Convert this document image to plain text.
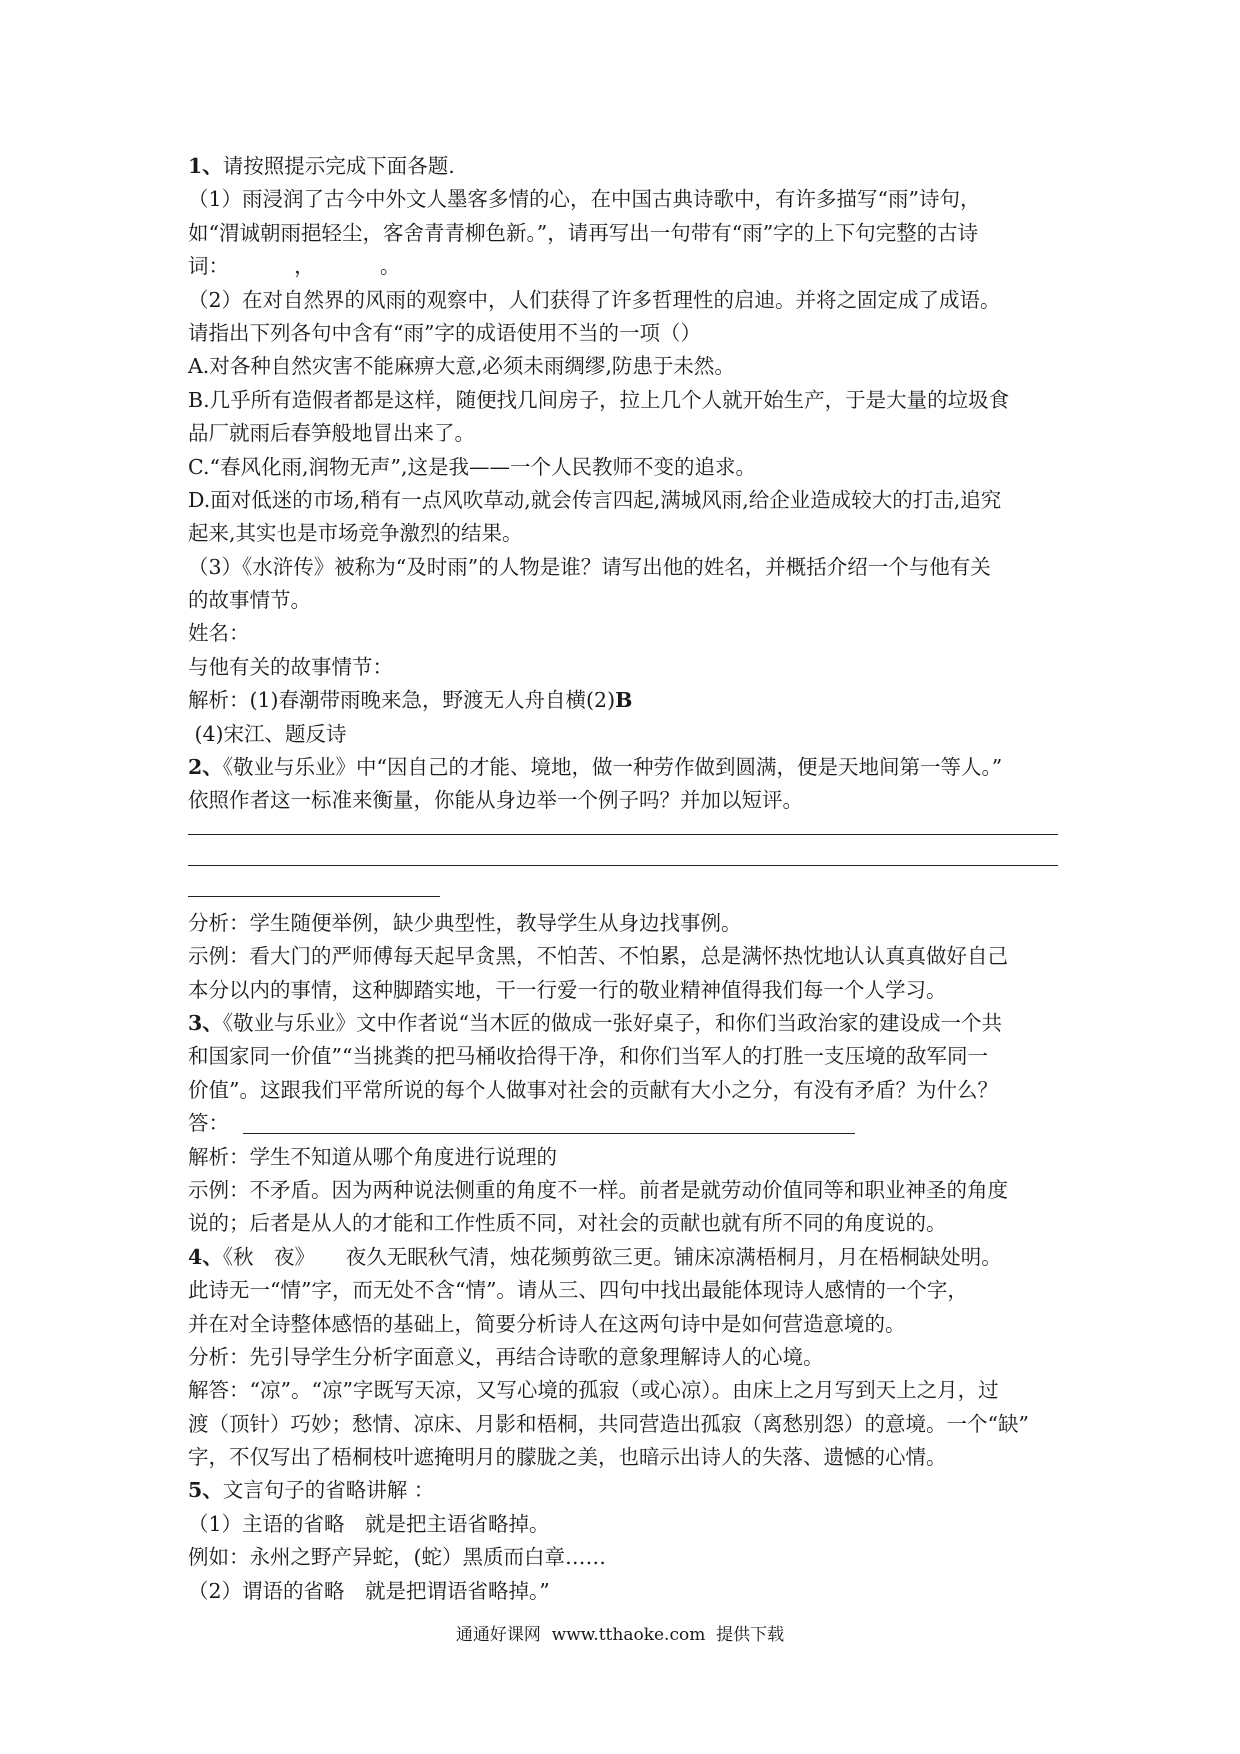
1、请按照提示完成下面各题.
（1）雨浸润了古今中外文人墨客多情的心，在中国古典诗歌中，有许多描写“雨”诗句，
如“渭诚朝雨挹轻尘，客舍青青柳色新。”，请再写出一句带有“雨”字的上下句完整的古诗
词：          ，          。
（2）在对自然界的风雨的观察中，人们获得了许多哲理性的启迪。并将之固定成了成语。
请指出下列各句中含有“雨”字的成语使用不当的一项（）
A.对各种自然灾害不能麻痹大意,必须未雨绸缪,防患于未然。
B.几乎所有造假者都是这样，随便找几间房子，拉上几个人就开始生产，于是大量的垃圾食
品厂就雨后春笋般地冒出来了。
C.“春风化雨,润物无声”,这是我——一个人民教师不变的追求。
D.面对低迷的市场,稍有一点风吹草动,就会传言四起,满城风雨,给企业造成较大的打击,追究
起来,其实也是市场竞争激烈的结果。
（3）《水浒传》被称为“及时雨”的人物是谁？请写出他的姓名，并概括介绍一个与他有关
的故事情节。
姓名：
与他有关的故事情节：
解析：(1)春潮带雨晚来急，野渡无人舟自横(2)B
(4)宋江、题反诗
2、《敬业与乐业》中“因自己的才能、境地，做一种劳作做到圆满，便是天地间第一等人。”
依照作者这一标准来衡量，你能从身边举一个例子吗？并加以短评。
分析：学生随便举例，缺少典型性，教导学生从身边找事例。
示例：看大门的严师傅每天起早贪黑，不怕苦、不怕累，总是满怀热忱地认认真真做好自己
本分以内的事情，这种脚踏实地，干一行爱一行的敬业精神值得我们每一个人学习。
3、《敬业与乐业》文中作者说“当木匠的做成一张好桌子，和你们当政治家的建设成一个共
和国家同一价值”“当挑粪的把马桶收拾得干净，和你们当军人的打胜一支压境的敌军同一
价值”。这跟我们平常所说的每个人做事对社会的贡献有大小之分，有没有矛盾？为什么？
答：
解析：学生不知道从哪个角度进行说理的
示例：不矛盾。因为两种说法侧重的角度不一样。前者是就劳动价值同等和职业神圣的角度
说的；后者是从人的才能和工作性质不同，对社会的贡献也就有所不同的角度说的。
4、《秋　夜》　　夜久无眠秋气清，烛花频剪欲三更。铺床凉满梧桐月，月在梧桐缺处明。
此诗无一“情”字，而无处不含“情”。请从三、四句中找出最能体现诗人感情的一个字，
并在对全诗整体感悟的基础上，简要分析诗人在这两句诗中是如何营造意境的。
分析：先引导学生分析字面意义，再结合诗歌的意象理解诗人的心境。
解答：“凉”。“凉”字既写天凉，又写心境的孤寂（或心凉）。由床上之月写到天上之月，过
渡（顶针）巧妙；愁情、凉床、月影和梧桐，共同营造出孤寂（离愁别怨）的意境。一个“缺”
字，不仅写出了梧桐枝叶遮掩明月的朦胧之美，也暗示出诗人的失落、遗憾的心情。
5、文言句子的省略讲解 ：
（1）主语的省略　就是把主语省略掉。
例如：永州之野产异蛇，(蛇）黑质而白章……
（2）谓语的省略　就是把谓语省略掉。”
通通好课网  www.tthaoke.com  提供下载
